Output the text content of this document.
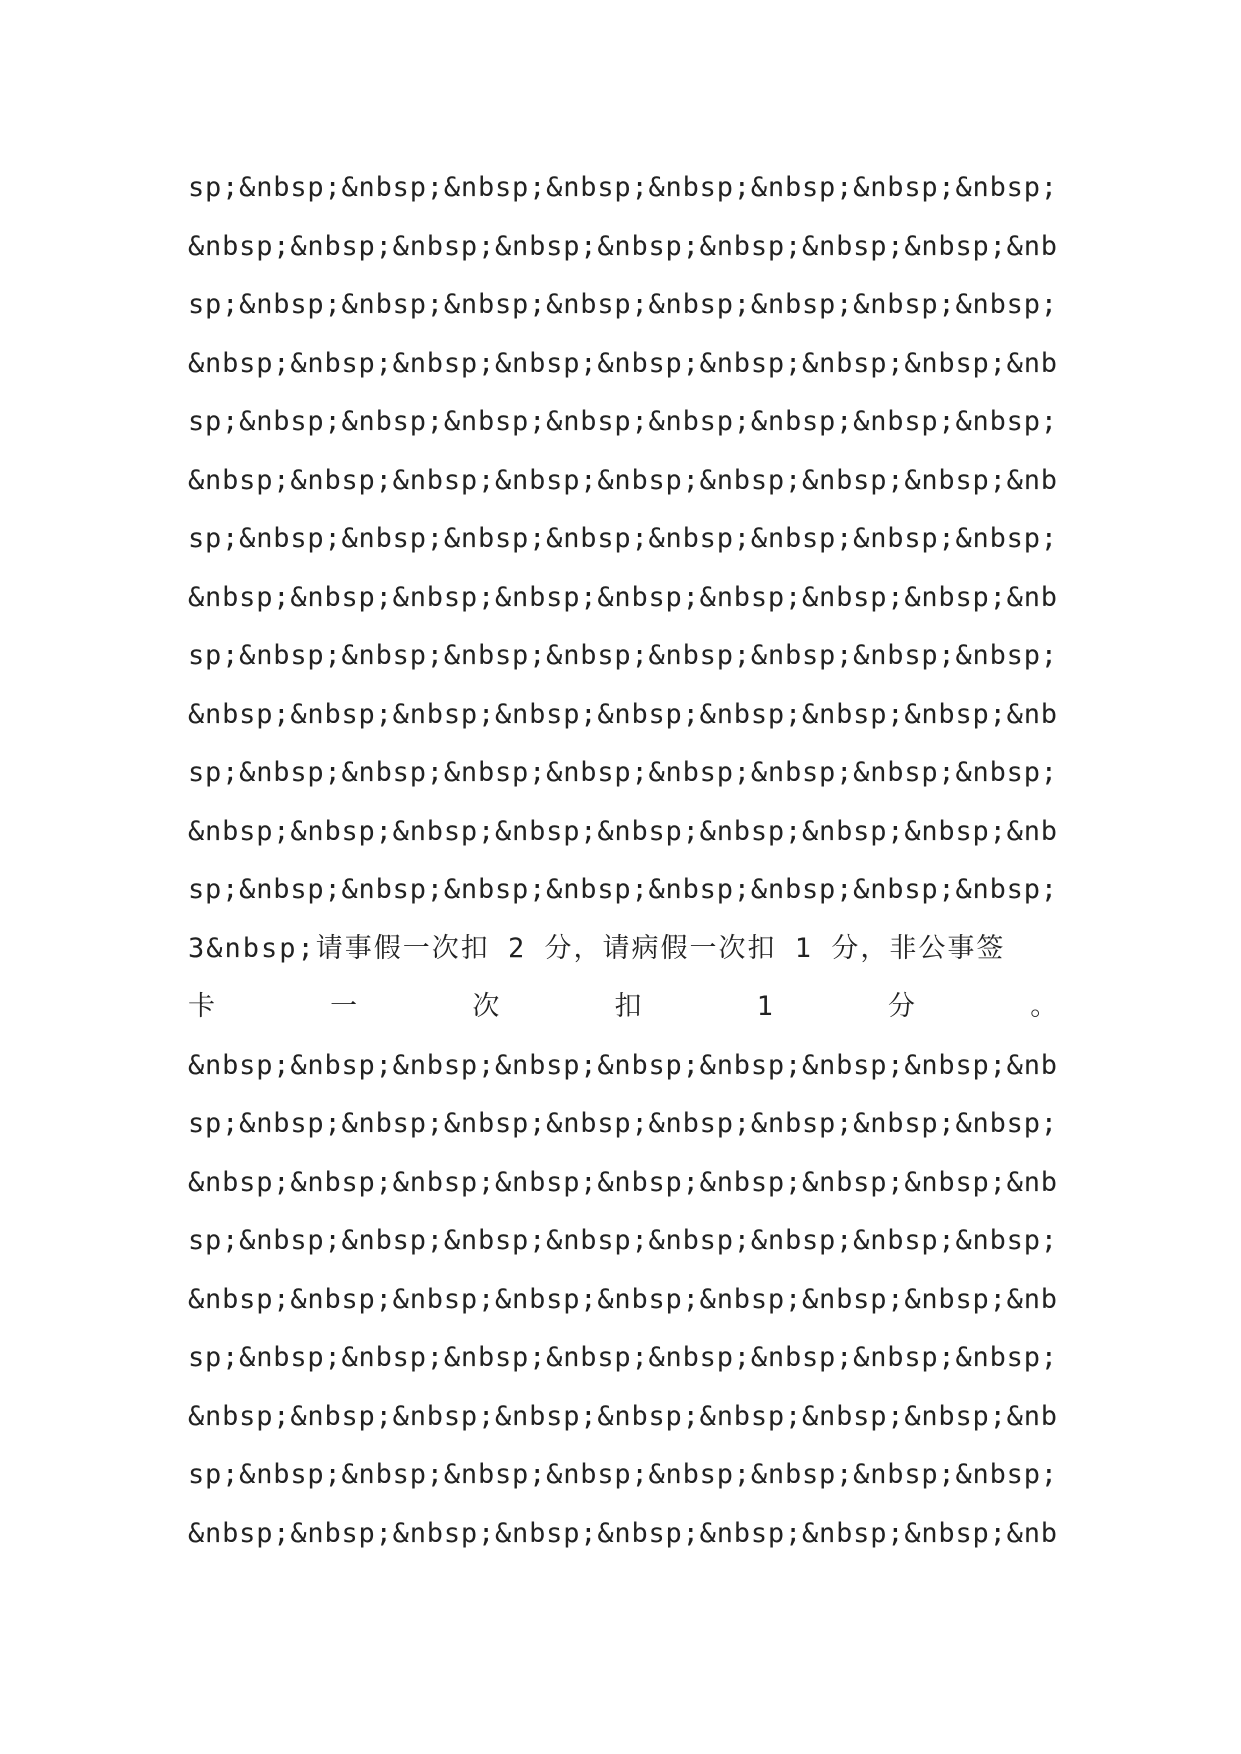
sp;&nbsp;&nbsp;&nbsp;&nbsp;&nbsp;&nbsp;&nbsp;&nbsp;
&nbsp;&nbsp;&nbsp;&nbsp;&nbsp;&nbsp;&nbsp;&nbsp;&nb
sp;&nbsp;&nbsp;&nbsp;&nbsp;&nbsp;&nbsp;&nbsp;&nbsp;
&nbsp;&nbsp;&nbsp;&nbsp;&nbsp;&nbsp;&nbsp;&nbsp;&nb
sp;&nbsp;&nbsp;&nbsp;&nbsp;&nbsp;&nbsp;&nbsp;&nbsp;
&nbsp;&nbsp;&nbsp;&nbsp;&nbsp;&nbsp;&nbsp;&nbsp;&nb
sp;&nbsp;&nbsp;&nbsp;&nbsp;&nbsp;&nbsp;&nbsp;&nbsp;
&nbsp;&nbsp;&nbsp;&nbsp;&nbsp;&nbsp;&nbsp;&nbsp;&nb
sp;&nbsp;&nbsp;&nbsp;&nbsp;&nbsp;&nbsp;&nbsp;&nbsp;
&nbsp;&nbsp;&nbsp;&nbsp;&nbsp;&nbsp;&nbsp;&nbsp;&nb
sp;&nbsp;&nbsp;&nbsp;&nbsp;&nbsp;&nbsp;&nbsp;&nbsp;
&nbsp;&nbsp;&nbsp;&nbsp;&nbsp;&nbsp;&nbsp;&nbsp;&nb
sp;&nbsp;&nbsp;&nbsp;&nbsp;&nbsp;&nbsp;&nbsp;&nbsp;
3&nbsp;请事假一次扣 2 分，请病假一次扣 1 分，非公事签
卡	一	次	扣	1	分	。
&nbsp;&nbsp;&nbsp;&nbsp;&nbsp;&nbsp;&nbsp;&nbsp;&nb
sp;&nbsp;&nbsp;&nbsp;&nbsp;&nbsp;&nbsp;&nbsp;&nbsp;
&nbsp;&nbsp;&nbsp;&nbsp;&nbsp;&nbsp;&nbsp;&nbsp;&nb
sp;&nbsp;&nbsp;&nbsp;&nbsp;&nbsp;&nbsp;&nbsp;&nbsp;
&nbsp;&nbsp;&nbsp;&nbsp;&nbsp;&nbsp;&nbsp;&nbsp;&nb
sp;&nbsp;&nbsp;&nbsp;&nbsp;&nbsp;&nbsp;&nbsp;&nbsp;
&nbsp;&nbsp;&nbsp;&nbsp;&nbsp;&nbsp;&nbsp;&nbsp;&nb
sp;&nbsp;&nbsp;&nbsp;&nbsp;&nbsp;&nbsp;&nbsp;&nbsp;
&nbsp;&nbsp;&nbsp;&nbsp;&nbsp;&nbsp;&nbsp;&nbsp;&nb
